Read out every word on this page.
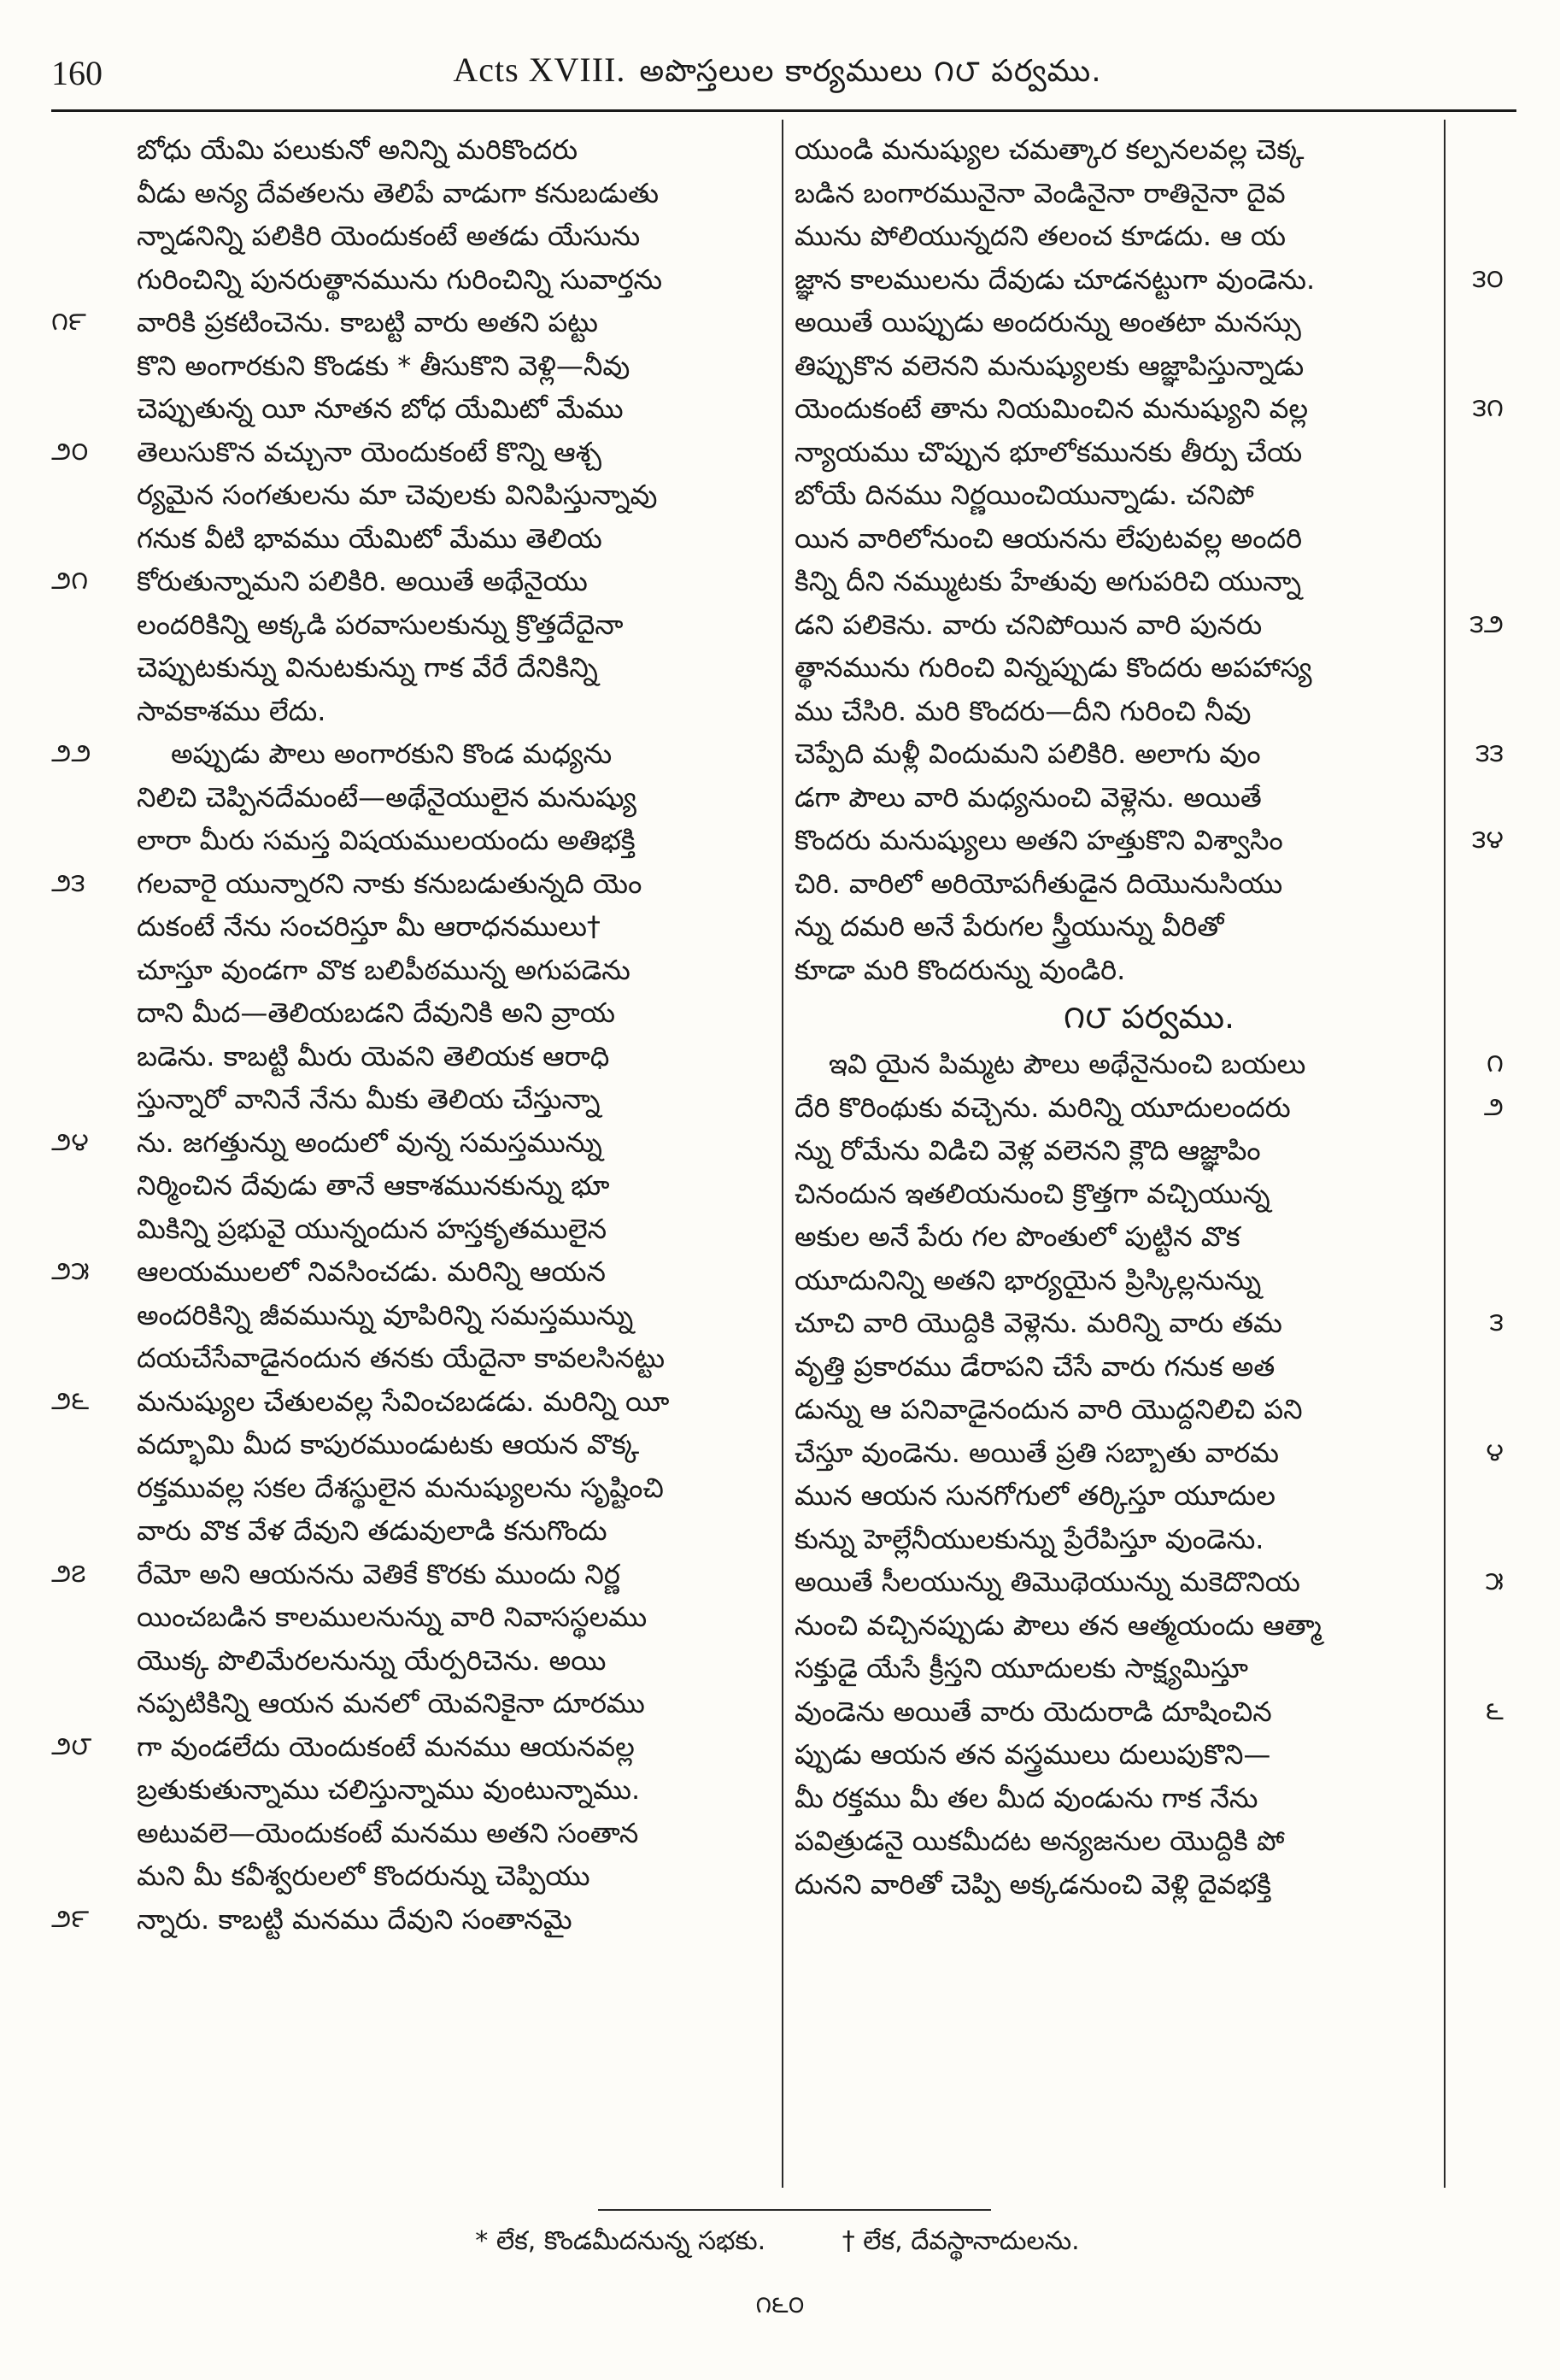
160	Acts XVIII. అపొస్తలుల కార్యములు ౧౮ పర్వము.
బోధు యేమి పలుకునో అనిన్ని మరికొందరు
వీడు అన్య దేవతలను తెలిపే వాడుగా కనుబడుతు
న్నాడనిన్ని పలికిరి యెందుకంటే అతడు యేసును
గురించిన్ని పునరుత్థానమును గురించిన్ని సువార్తను
౧౯	వారికి ప్రకటించెను. కాబట్టి వారు అతని పట్టు
కొని అంగారకుని కొండకు * తీసుకొని వెళ్లి—నీవు
చెప్పుతున్న యీ నూతన బోధ యేమిటో మేము
౨౦	తెలుసుకొన వచ్చునా యెందుకంటే కొన్ని ఆశ్చ
ర్యమైన సంగతులను మా చెవులకు వినిపిస్తున్నావు
గనుక వీటి భావము యేమిటో మేము తెలియ
౨౧	కోరుతున్నామని పలికిరి. అయితే అథేనైయు
లందరికిన్ని అక్కడి పరవాసులకున్ను క్రొత్తదేదైనా
చెప్పుటకున్ను వినుటకున్ను గాక వేరే దేనికిన్ని
సావకాశము లేదు.
౨౨	అప్పుడు పౌలు అంగారకుని కొండ మధ్యను
నిలిచి చెప్పినదేమంటే—అథేనైయులైన మనుష్యు
లారా మీరు సమస్త విషయములయందు అతిభక్తి
౨౩	గలవారై యున్నారని నాకు కనుబడుతున్నది యెం
దుకంటే నేను సంచరిస్తూ మీ ఆరాధనములు†
చూస్తూ వుండగా వొక బలిపీఠమున్న అగుపడెను
దాని మీద—తెలియబడని దేవునికి అని వ్రాయ
బడెను. కాబట్టి మీరు యెవని తెలియక ఆరాధి
స్తున్నారో వానినే నేను మీకు తెలియ చేస్తున్నా
౨౪	ను. జగత్తున్ను అందులో వున్న సమస్తమున్ను
నిర్మించిన దేవుడు తానే ఆకాశమునకున్ను భూ
మికిన్ని ప్రభువై యున్నందున హస్తకృతములైన
౨౫	ఆలయములలో నివసించడు. మరిన్ని ఆయన
అందరికిన్ని జీవమున్ను వూపిరిన్ని సమస్తమున్ను
దయచేసేవాడైనందున తనకు యేదైనా కావలసినట్టు
౨౬	మనుష్యుల చేతులవల్ల సేవించబడడు. మరిన్ని యీ
వద్భూమి మీద కాపురముండుటకు ఆయన వొక్క
రక్తమువల్ల సకల దేశస్థులైన మనుష్యులను సృష్టించి
వారు వొక వేళ దేవుని తడువులాడి కనుగొందు
౨౭	రేమో అని ఆయనను వెతికే కొరకు ముందు నిర్ణ
యించబడిన కాలములనున్ను వారి నివాసస్థలము
యొక్క పొలిమేరలనున్ను యేర్పరిచెను. అయి
నప్పటికిన్ని ఆయన మనలో యెవనికైనా దూరము
౨౮	గా వుండలేదు యెందుకంటే మనము ఆయనవల్ల
బ్రతుకుతున్నాము చలిస్తున్నాము వుంటున్నాము.
అటువలె—యెందుకంటే మనము అతని సంతాన
మని మీ కవీశ్వరులలో కొందరున్ను చెప్పియు
౨౯	న్నారు. కాబట్టి మనము దేవుని సంతానమై
యుండి మనుష్యుల చమత్కార కల్పనలవల్ల చెక్క
బడిన బంగారమునైనా వెండినైనా రాతినైనా దైవ
మును పోలియున్నదని తలంచ కూడదు. ఆ య
౩౦
జ్ఞాన కాలములను దేవుడు చూడనట్టుగా వుండెను.
అయితే యిప్పుడు అందరున్ను అంతటా మనస్సు
తిప్పుకొన వలెనని మనుష్యులకు ఆజ్ఞాపిస్తున్నాడు
౩౧
యెందుకంటే తాను నియమించిన మనుష్యుని వల్ల
న్యాయము చొప్పున భూలోకమునకు తీర్పు చేయ
బోయే దినము నిర్ణయించియున్నాడు. చనిపో
యిన వారిలోనుంచి ఆయనను లేపుటవల్ల అందరి
కిన్ని దీని నమ్ముటకు హేతువు అగుపరిచి యున్నా
౩౨
డని పలికెను. వారు చనిపోయిన వారి పునరు
త్థానమును గురించి విన్నప్పుడు కొందరు అపహాస్య
ము చేసిరి. మరి కొందరు—దీని గురించి నీవు
౩౩
చెప్పేది మళ్లీ విందుమని పలికిరి. అలాగు వుం
డగా పౌలు వారి మధ్యనుంచి వెళ్లెను. అయితే
౩౪
కొందరు మనుష్యులు అతని హత్తుకొని విశ్వాసిం
చిరి. వారిలో అరియోపగీతుడైన దియొనుసియు
న్ను దమరి అనే పేరుగల స్త్రీయున్ను వీరితో
కూడా మరి కొందరున్ను వుండిరి.
౧౮ పర్వము.
౧
ఇవి యైన పిమ్మట పౌలు అథేనైనుంచి బయలు
౨
దేరి కొరింథుకు వచ్చెను. మరిన్ని యూదులందరు
న్ను రోమేను విడిచి వెళ్ల వలెనని క్లౌది ఆజ్ఞాపిం
చినందున ఇతలియనుంచి క్రొత్తగా వచ్చియున్న
అకుల అనే పేరు గల పొంతులో పుట్టిన వొక
యూదునిన్ని అతని భార్యయైన ప్రిస్కిల్లనున్ను
౩
చూచి వారి యొద్దికి వెళ్లెను. మరిన్ని వారు తమ
వృత్తి ప్రకారము డేరాపని చేసే వారు గనుక అత
డున్ను ఆ పనివాడైనందున వారి యొద్దనిలిచి పని
౪
చేస్తూ వుండెను. అయితే ప్రతి సబ్బాతు వారమ
మున ఆయన సునగోగులో తర్కిస్తూ యూదుల
కున్ను హెల్లేనీయులకున్ను ప్రేరేపిస్తూ వుండెను.
౫
అయితే సీలయున్ను తిమొథెయున్ను మకెదొనియ
నుంచి వచ్చినప్పుడు పౌలు తన ఆత్మయందు ఆత్మా
సక్తుడై యేసే క్రీస్తని యూదులకు సాక్ష్యమిస్తూ
౬
వుండెను అయితే వారు యెదురాడి దూషించిన
ప్పుడు ఆయన తన వస్త్రములు దులుపుకొని—
మీ రక్తము మీ తల మీద వుండును గాక నేను
పవిత్రుడనై యికమీదట అన్యజనుల యొద్దికి పో
దునని వారితో చెప్పి అక్కడనుంచి వెళ్లి దైవభక్తి
* లేక, కొండమీదనున్న సభకు.	† లేక, దేవస్థానాదులను.
౧౬౦
